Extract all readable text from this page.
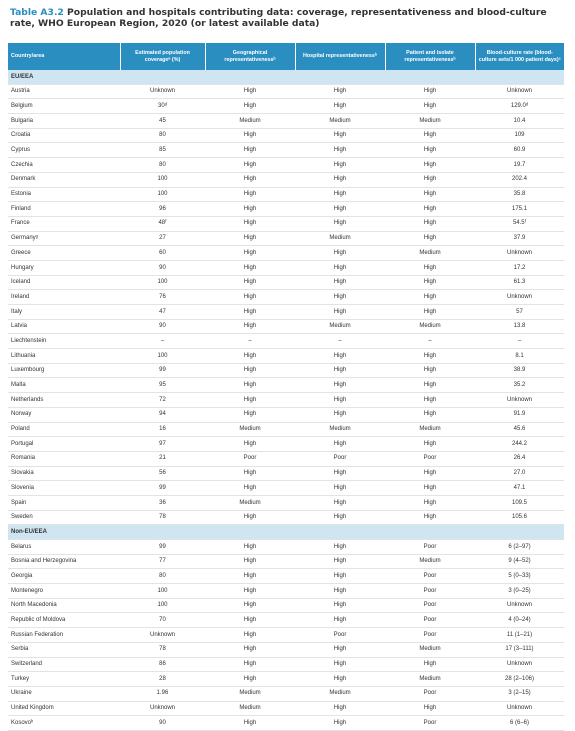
Table A3.2 Population and hospitals contributing data: coverage, representativeness and blood-culture rate, WHO European Region, 2020 (or latest available data)
Country/area	Estimated population coverageᵃ (%)	Geographical representativenessᵇ	Hospital representativenessᵇ	Patient and isolate representativenessᵇ	Blood-culture rate (blood-culture sets/1 000 patient days)ᶜ
EU/EEA					
Austria	Unknown	High	High	High	Unknown
Belgium	30ᵈ	High	High	High	129.0ᵈ
Bulgaria	45	Medium	Medium	Medium	10.4
Croatia	80	High	High	High	109
Cyprus	85	High	High	High	60.9
Czechia	80	High	High	High	19.7
Denmark	100	High	High	High	202.4
Estonia	100	High	High	High	35.8
Finland	96	High	High	High	175.1
France	48ᶠ	High	High	High	54.5ᶠ
Germanyᵍ	27	High	Medium	High	37.9
Greece	60	High	High	Medium	Unknown
Hungary	90	High	High	High	17.2
Iceland	100	High	High	High	61.3
Ireland	76	High	High	High	Unknown
Italy	47	High	High	High	57
Latvia	90	High	Medium	Medium	13.8
Liechtenstein	–	–	–	–	–
Lithuania	100	High	High	High	8.1
Luxembourg	99	High	High	High	38.9
Malta	95	High	High	High	35.2
Netherlands	72	High	High	High	Unknown
Norway	94	High	High	High	91.9
Poland	16	Medium	Medium	Medium	45.6
Portugal	97	High	High	High	244.2
Romania	21	Poor	Poor	Poor	26.4
Slovakia	56	High	High	High	27.0
Slovenia	99	High	High	High	47.1
Spain	36	Medium	High	High	109.5
Sweden	78	High	High	High	105.6
Non-EU/EEA					
Belarus	99	High	High	Poor	6 (2–97)
Bosnia and Herzegovina	77	High	High	Medium	9 (4–52)
Georgia	80	High	High	Poor	5 (0–33)
Montenegro	100	High	High	Poor	3 (0–25)
North Macedonia	100	High	High	Poor	Unknown
Republic of Moldova	70	High	High	Poor	4 (0–24)
Russian Federation	Unknown	High	Poor	Poor	11 (1–21)
Serbia	78	High	High	Medium	17 (3–111)
Switzerland	86	High	High	High	Unknown
Turkey	28	High	High	Medium	28 (2–106)
Ukraine	1.96	Medium	Medium	Poor	3 (2–15)
United Kingdom	Unknown	Medium	High	High	Unknown
Kosovoʰ	90	High	High	Poor	6 (6–6)
